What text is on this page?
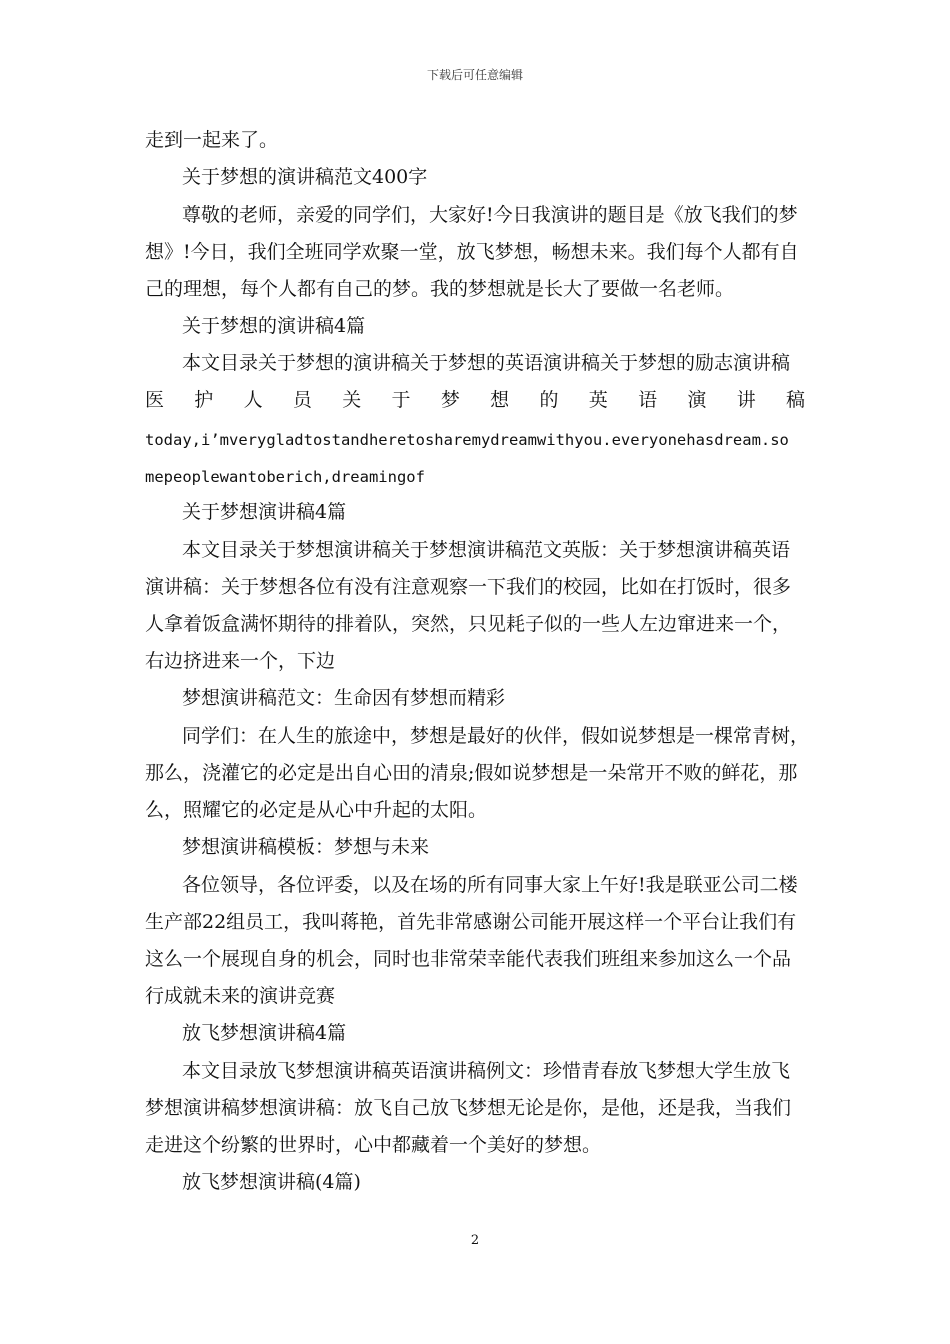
下载后可任意编辑
走到一起来了。
关于梦想的演讲稿范文400字
尊敬的老师，亲爱的同学们，大家好!今日我演讲的题目是《放飞我们的梦
想》!今日，我们全班同学欢聚一堂，放飞梦想，畅想未来。我们每个人都有自
己的理想，每个人都有自己的梦。我的梦想就是长大了要做一名老师。
关于梦想的演讲稿4篇
本文目录关于梦想的演讲稿关于梦想的英语演讲稿关于梦想的励志演讲稿
医 护 人 员 关 于 梦 想 的 英 语 演 讲 稿
today,i’mverygladtostandheretosharemydreamwithyou.everyonehasdream.so
mepeoplewantoberich,dreamingof
关于梦想演讲稿4篇
本文目录关于梦想演讲稿关于梦想演讲稿范文英版：关于梦想演讲稿英语
演讲稿：关于梦想各位有没有注意观察一下我们的校园，比如在打饭时，很多
人拿着饭盒满怀期待的排着队，突然，只见耗子似的一些人左边窜进来一个，
右边挤进来一个，下边
梦想演讲稿范文：生命因有梦想而精彩
同学们：在人生的旅途中，梦想是最好的伙伴，假如说梦想是一棵常青树，
那么，浇灌它的必定是出自心田的清泉;假如说梦想是一朵常开不败的鲜花，那
么，照耀它的必定是从心中升起的太阳。
梦想演讲稿模板：梦想与未来
各位领导，各位评委，以及在场的所有同事大家上午好!我是联亚公司二楼
生产部22组员工，我叫蒋艳，首先非常感谢公司能开展这样一个平台让我们有
这么一个展现自身的机会，同时也非常荣幸能代表我们班组来参加这么一个品
行成就未来的演讲竞赛
放飞梦想演讲稿4篇
本文目录放飞梦想演讲稿英语演讲稿例文：珍惜青春放飞梦想大学生放飞
梦想演讲稿梦想演讲稿：放飞自己放飞梦想无论是你，是他，还是我，当我们
走进这个纷繁的世界时，心中都藏着一个美好的梦想。
放飞梦想演讲稿(4篇)
2
